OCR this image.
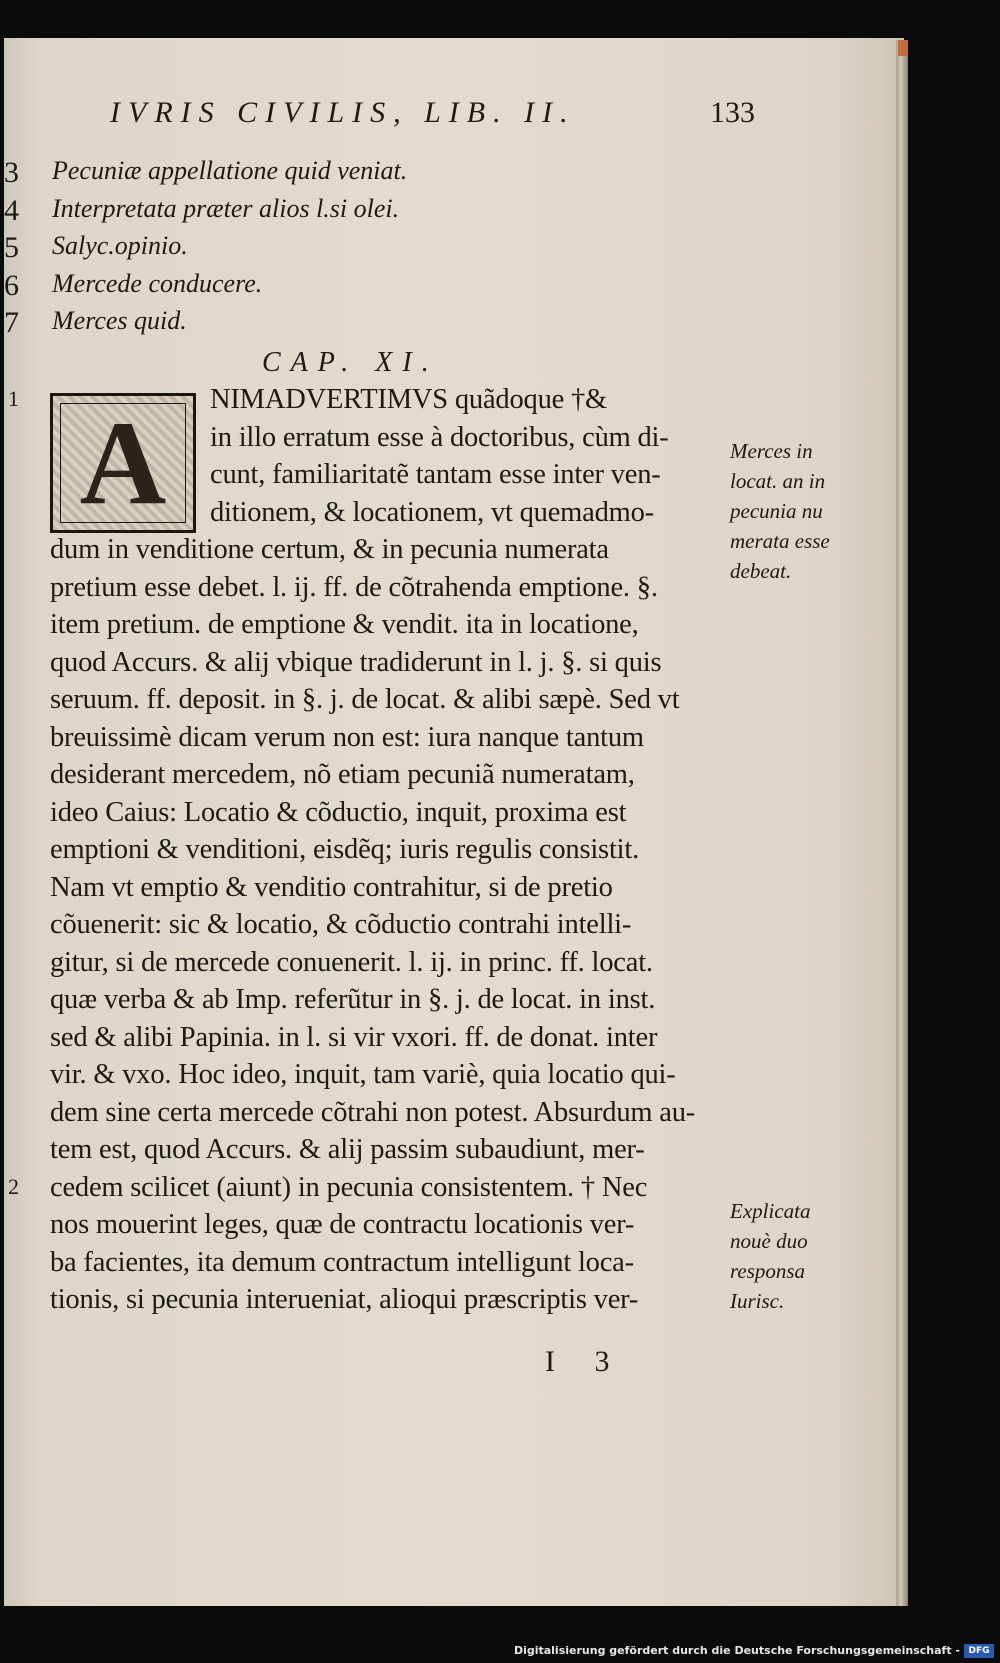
IVRIS CIVILIS, LIB. II.	133
3	Pecuniæ appellatione quid veniat.
4	Interpretata præter alios l.si olei.
5	Salyc.opinio.
6	Mercede conducere.
7	Merces quid.
CAP. XI.
A
1	NIMADVERTIMVS quãdoque †&
in illo erratum esse à doctoribus, cùm di-
cunt, familiaritatẽ tantam esse inter ven-
ditionem, & locationem, vt quemadmo-
dum in venditione certum, & in pecunia numerata
pretium esse debet. l. ij. ff. de cõtrahenda emptione. §.
item pretium. de emptione & vendit. ita in locatione,
quod Accurs. & alij vbique tradiderunt in l. j. §. si quis
seruum. ff. deposit. in §. j. de locat. & alibi sæpè. Sed vt
breuissimè dicam verum non est: iura nanque tantum
desiderant mercedem, nõ etiam pecuniã numeratam,
ideo Caius: Locatio & cõductio, inquit, proxima est
emptioni & venditioni, eisdẽq; iuris regulis consistit.
Nam vt emptio & venditio contrahitur, si de pretio
cõuenerit: sic & locatio, & cõductio contrahi intelli-
gitur, si de mercede conuenerit. l. ij. in princ. ff. locat.
quæ verba & ab Imp. referũtur in §. j. de locat. in inst.
sed & alibi Papinia. in l. si vir vxori. ff. de donat. inter
vir. & vxo. Hoc ideo, inquit, tam variè, quia locatio qui-
dem sine certa mercede cõtrahi non potest. Absurdum au-
tem est, quod Accurs. & alij passim subaudiunt, mer-
2 cedem scilicet (aiunt) in pecunia consistentem. † Nec
nos mouerint leges, quæ de contractu locationis ver-
ba facientes, ita demum contractum intelligunt loca-
tionis, si pecunia interueniat, alioqui præscriptis ver-
Merces in
locat. an in
pecunia nu
merata esse
debeat.
Explicata
nouè duo
responsa
Iurisc.
I 3
Digitalisierung gefördert durch die Deutsche Forschungsgemeinschaft - DFG
